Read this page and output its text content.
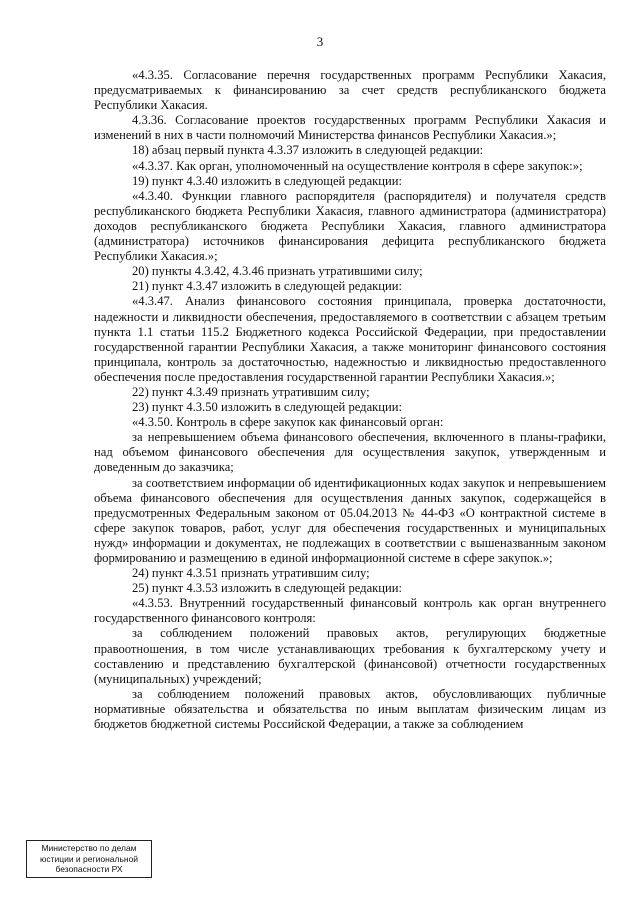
3

«4.3.35. Согласование перечня государственных программ Республики Хакасия, предусматриваемых к финансированию за счет средств республиканского бюджета Республики Хакасия.

4.3.36. Согласование проектов государственных программ Республики Хакасия и изменений в них в части полномочий Министерства финансов Республики Хакасия.»;

18) абзац первый пункта 4.3.37 изложить в следующей редакции:

«4.3.37. Как орган, уполномоченный на осуществление контроля в сфере закупок:»;

19) пункт 4.3.40 изложить в следующей редакции:

«4.3.40. Функции главного распорядителя (распорядителя) и получателя средств республиканского бюджета Республики Хакасия, главного администратора (администратора) доходов республиканского бюджета Республики Хакасия, главного администратора (администратора) источников финансирования дефицита республиканского бюджета Республики Хакасия.»;

20) пункты 4.3.42, 4.3.46 признать утратившими силу;

21) пункт 4.3.47 изложить в следующей редакции:

«4.3.47. Анализ финансового состояния принципала, проверка достаточности, надежности и ликвидности обеспечения, предоставляемого в соответствии с абзацем третьим пункта 1.1 статьи 115.2 Бюджетного кодекса Российской Федерации, при предоставлении государственной гарантии Республики Хакасия, а также мониторинг финансового состояния принципала, контроль за достаточностью, надежностью и ликвидностью предоставленного обеспечения после предоставления государственной гарантии Республики Хакасия.»;

22) пункт 4.3.49 признать утратившим силу;

23) пункт 4.3.50 изложить в следующей редакции:

«4.3.50. Контроль в сфере закупок как финансовый орган:

за непревышением объема финансового обеспечения, включенного в планы-графики, над объемом финансового обеспечения для осуществления закупок, утвержденным и доведенным до заказчика;

за соответствием информации об идентификационных кодах закупок и непревышением объема финансового обеспечения для осуществления данных закупок, содержащейся в предусмотренных Федеральным законом от 05.04.2013 № 44-ФЗ «О контрактной системе в сфере закупок товаров, работ, услуг для обеспечения государственных и муниципальных нужд» информации и документах, не подлежащих в соответствии с вышеназванным законом формированию и размещению в единой информационной системе в сфере закупок.»;

24) пункт 4.3.51 признать утратившим силу;

25) пункт 4.3.53 изложить в следующей редакции:

«4.3.53. Внутренний государственный финансовый контроль как орган внутреннего государственного финансового контроля:

за соблюдением положений правовых актов, регулирующих бюджетные правоотношения, в том числе устанавливающих требования к бухгалтерскому учету и составлению и представлению бухгалтерской (финансовой) отчетности государственных (муниципальных) учреждений;

за соблюдением положений правовых актов, обусловливающих публичные нормативные обязательства и обязательства по иным выплатам физическим лицам из бюджетов бюджетной системы Российской Федерации, а также за соблюдением

Министерство по делам
юстиции и региональной
безопасности РХ
